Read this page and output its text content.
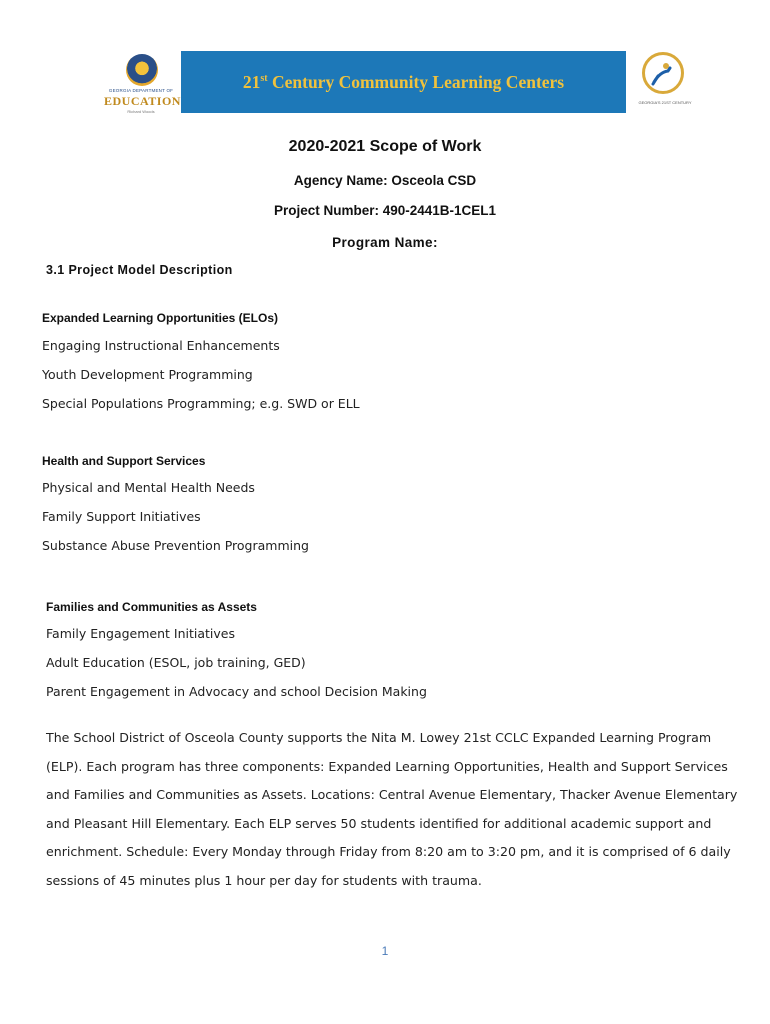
GEORGIA DEPARTMENT OF
EDUCATION
Richard Woods
21st Century Community Learning Centers
GEORGIA'S 21ST CENTURY
2020-2021 Scope of Work
Agency Name: Osceola CSD
Project Number: 490-2441B-1CEL1
Program Name:
3.1 Project Model Description
Expanded Learning Opportunities (ELOs)
Engaging Instructional Enhancements
Youth Development Programming
Special Populations Programming; e.g. SWD or ELL
Health and Support Services
Physical and Mental Health Needs
Family Support Initiatives
Substance Abuse Prevention Programming
Families and Communities as Assets
Family Engagement Initiatives
Adult Education (ESOL, job training, GED)
Parent Engagement in Advocacy and school Decision Making
The School District of Osceola County supports the Nita M. Lowey 21st CCLC Expanded Learning Program
(ELP). Each program has three components: Expanded Learning Opportunities, Health and Support Services
and Families and Communities as Assets. Locations: Central Avenue Elementary, Thacker Avenue Elementary
and Pleasant Hill Elementary. Each ELP serves 50 students identified for additional academic support and
enrichment. Schedule: Every Monday through Friday from 8:20 am to 3:20 pm, and it is comprised of 6 daily
sessions of 45 minutes plus 1 hour per day for students with trauma.
1
